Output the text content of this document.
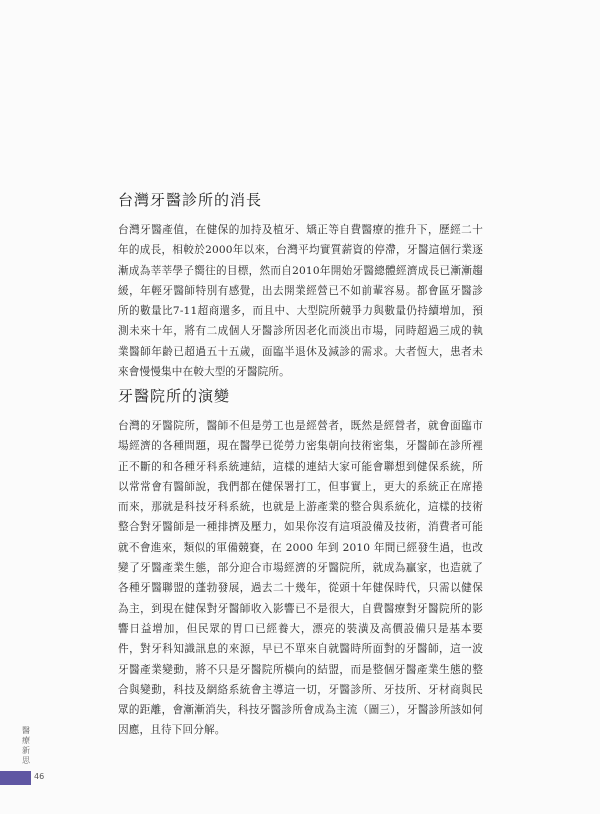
台灣牙醫診所的消長

台灣牙醫產值，在健保的加持及植牙、矯正等自費醫療的推升下，歷經二十年的成長，相較於2000年以來，台灣平均實質薪資的停滯，牙醫這個行業逐漸成為莘莘學子嚮往的目標，然而自2010年開始牙醫總體經濟成長已漸漸趨緩，年輕牙醫師特別有感覺，出去開業經營已不如前輩容易。都會區牙醫診所的數量比7-11超商還多，而且中、大型院所競爭力與數量仍持續增加，預測未來十年，將有二成個人牙醫診所因老化而淡出市場，同時超過三成的執業醫師年齡已超過五十五歲，面臨半退休及減診的需求。大者恆大，患者未來會慢慢集中在較大型的牙醫院所。

牙醫院所的演變

台灣的牙醫院所，醫師不但是勞工也是經營者，既然是經營者，就會面臨市場經濟的各種問題，現在醫學已從勞力密集朝向技術密集，牙醫師在診所裡正不斷的和各種牙科系統連結，這樣的連結大家可能會聯想到健保系統，所以常常會有醫師說，我們都在健保署打工，但事實上，更大的系統正在席捲而來，那就是科技牙科系統，也就是上游產業的整合與系統化，這樣的技術整合對牙醫師是一種排擠及壓力，如果你沒有這項設備及技術，消費者可能就不會進來，類似的軍備競賽，在 2000 年到 2010 年間已經發生過，也改變了牙醫產業生態，部分迎合市場經濟的牙醫院所，就成為贏家，也造就了各種牙醫聯盟的蓬勃發展，過去二十幾年，從頭十年健保時代，只需以健保為主，到現在健保對牙醫師收入影響已不是很大，自費醫療對牙醫院所的影響日益增加，但民眾的胃口已經養大，漂亮的裝潢及高價設備只是基本要件，對牙科知識訊息的來源，早已不單來自就醫時所面對的牙醫師，這一波牙醫產業變動，將不只是牙醫院所橫向的結盟，而是整個牙醫產業生態的整合與變動，科技及網絡系統會主導這一切，牙醫診所、牙技所、牙材商與民眾的距離，會漸漸消失，科技牙醫診所會成為主流（圖三），牙醫診所該如何因應，且待下回分解。

醫
療
新
思
46
